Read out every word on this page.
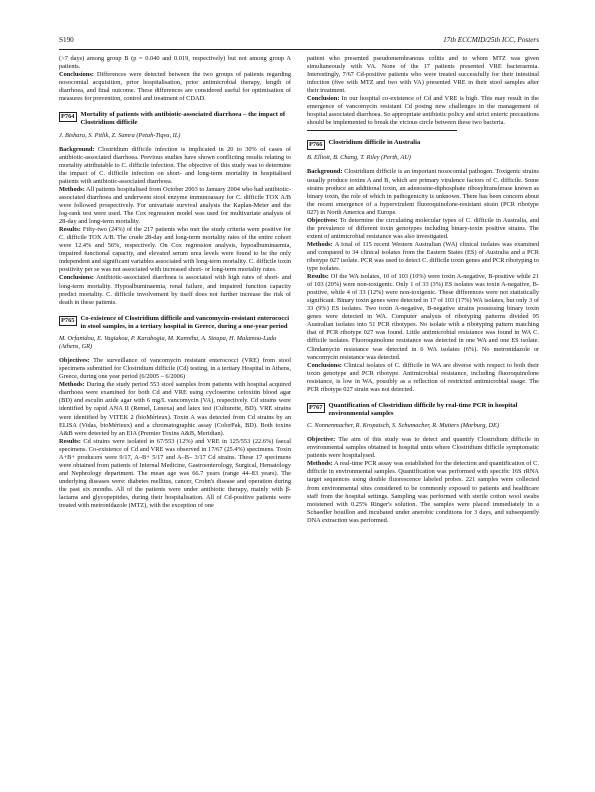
S190	17th ECCMID/25th ICC, Posters

(>7 days) among group B (p = 0.040 and 0.019, respectively) but not among group A patients.

Conclusions: Differences were detected between the two groups of patients regarding nosocomial acquisition, prior hospitalisation, prior antimicrobial therapy, length of diarrhoea, and final outcome. These differences are considered useful for optimisation of measures for prevention, control and treatment of CDAD.

P764 Mortality of patients with antibiotic-associated diarrhoea – the impact of Clostridium difficile
J. Bishara, S. Pitlik, Z. Samra (Petah-Tiqva, IL)

Background: Clostridium difficile infection is implicated in 20 to 30% of cases of antibiotic-associated diarrhoea. Previous studies have shown conflicting results relating to mortality attributable to C. difficile infection. The objective of this study was to determine the impact of C. difficile infection on short- and long-term mortality in hospitalised patients with antibiotic-associated diarrhoea.

Methods: All patients hospitalised from October 2003 to January 2004 who had antibiotic-associated diarrhoea and underwent stool enzyme immunoassay for C. difficile TOX A/B were followed prospectively. For univariate survival analysis the Kaplan-Meier and the log-rank test were used. The Cox regression model was used for multivariate analysis of 28-day and long-term mortality.

Results: Fifty-two (24%) of the 217 patients who met the study criteria were positive for C. difficile TOX A/B. The crude 28-day and long-term mortality rates of the entire cohort were 12.4% and 56%, respectively. On Cox regression analysis, hypoalbuminaemia, impaired functional capacity, and elevated serum urea levels were found to be the only independent and significant variables associated with long-term mortality. C. difficile toxin positivity per se was not associated with increased short- or long-term mortality rates.

Conclusions: Antibiotic-associated diarrhoea is associated with high rates of short- and long-term mortality. Hypoalbuminaemia, renal failure, and impaired function capacity predict mortality. C. difficile involvement by itself does not further increase the risk of death in these patients.

P765 Co-existence of Clostridium difficile and vancomycin-resistant enterococci in stool samples, in a tertiary hospital in Greece, during a one-year period
M. Orfanidou, E. Vagiakou, P. Karabogia, M. Kanniha, A. Stoupa, H. Malamou-Lada (Athens, GR)

Objectives: The surveillance of vancomycin resistant enterococci (VRE) from stool specimens submitted for Clostridium difficile (Cd) testing, in a tertiary Hospital in Athens, Greece, during one year period (6/2005 – 6/2006)

Methods: During the study period 553 stool samples from patients with hospital acquired diarrhoea were examined for both Cd and VRE using cycloserine cefoxitin blood agar (BD) and esculin azide agar with 6 mg/L vancomycin (VA), respectively. Cd strains were identified by rapid ANA II (Remel, Lenexa) and latex test (Culturette, BD). VRE strains were identified by VITEK 2 (bioMérieux). Toxin A was detected from Cd strains by an ELISA (Vidas, bioMérieux) and a chromatographic assay (ColorPak, BD). Both toxins A&B were detected by an EIA (Premier Toxins A&B, Meridian).

Results: Cd strains were isolated in 67/553 (12%) and VRE in 125/553 (22.6%) faecal specimens. Co-existence of Cd and VRE was observed in 17/67 (25.4%) specimens. Toxin A+B+ producers were 9/17, A–B+ 5/17 and A–B– 3/17 Cd strains. These 17 specimens were obtained from patients of Internal Medicine, Gastroenterology, Surgical, Hematology and Nephrology department. The mean age was 66.7 years (range 44–83 years). The underlying diseases were: diabetes mellitus, cancer, Crohn's disease and operation during the past six months. All of the patients were under antibiotic therapy, mainly with β-lactams and glycopeptides, during their hospitalisation. All of Cd-positive patients were treated with metronidazole (MTZ), with the exception of one

patient who presented pseudomembranous colitis and to whom MTZ was given simultaneously with VA. None of the 17 patients presented VRE bacteraemia. Interestingly, 7/67 Cd-positive patients who were treated successfully for their intestinal infection (five with MTZ and two with VA) presented VRE in their stool samples after their treatment.

Conclusion: In our hospital co-existence of Cd and VRE is high. This may result in the emergence of vancomycin resistant Cd posing new challenges in the management of hospital associated diarrhoea. So appropriate antibiotic policy and strict enteric precautions should be implemented to break the vicious circle between these two bacteria.

P766 Clostridium difficile in Australia
B. Elliott, B. Chang, T. Riley (Perth, AU)

Background: Clostridium difficile is an important nosocomial pathogen. Toxigenic strains usually produce toxins A and B, which are primary virulence factors of C. difficile. Some strains produce an additional toxin, an adenosine-diphosphate ribosyltransferase known as binary toxin, the role of which in pathogenicity is unknown. There has been concern about the recent emergence of a hypervirulent fluoroquinolone-resistant strain (PCR ribotype 027) in North America and Europe.

Objectives: To determine the circulating molecular types of C. difficile in Australia, and the prevalence of different toxin genotypes including binary-toxin positive strains. The extent of antimicrobial resistance was also investigated.

Methods: A total of 115 recent Western Australian (WA) clinical isolates was examined and compared to 34 clinical isolates from the Eastern States (ES) of Australia and a PCR ribotype 027 isolate. PCR was used to detect C. difficile toxin genes and PCR ribotyping to type isolates.

Results: Of the WA isolates, 10 of 103 (10%) were toxin A-negative, B-positive while 21 of 103 (20%) were non-toxigenic. Only 1 of 33 (3%) ES isolates was toxin A-negative, B-positive, while 4 of 33 (12%) were non-toxigenic. These differences were not statistically significant. Binary toxin genes were detected in 17 of 103 (17%) WA isolates, but only 3 of 33 (9%) ES isolates. Two toxin A-negative, B-negative strains possessing binary toxin genes were detected in WA. Computer analysis of ribotyping patterns divided 95 Australian isolates into 51 PCR ribotypes. No isolate with a ribotyping pattern matching that of PCR ribotype 027 was found. Little antimicrobial resistance was found in WA C. difficile isolates. Fluoroquinolone resistance was detected in one WA and one ES isolate. Clindamycin resistance was detected in 6 WA isolates (6%). No metronidazole or vancomycin resistance was detected.

Conclusions: Clinical isolates of C. difficile in WA are diverse with respect to both their toxin genotype and PCR ribotype. Antimicrobial resistance, including fluoroquinolone resistance, is low in WA, possibly as a reflection of restricted antimicrobial usage. The PCR ribotype 027 strain was not detected.

P767 Quantification of Clostridium difficile by real-time PCR in hospital environmental samples
C. Nonnenmacher, R. Kropatsch, S. Schumacher, R. Mutters (Marburg, DE)

Objective: The aim of this study was to detect and quantify Clostridium difficile in environmental samples obtained in hospital units where Clostridium difficile symptomatic patients were hospitalysed.

Methods: A real-time PCR assay was established for the detection and quantification of C. difficile in environmental samples. Quantification was performed with specific 16S rRNA target sequences using double fluorescence labeled probes. 221 samples were collected from environmental sites considered to be commonly exposed to patients and healthcare staff from the hospital settings. Sampling was performed with sterile cotton wool swabs moistened with 0.25% Ringer's solution. The samples were placed immediately in a Schaedler bouillon and incubated under anerobic conditions for 3 days, and subsequently DNA extraction was performed.
